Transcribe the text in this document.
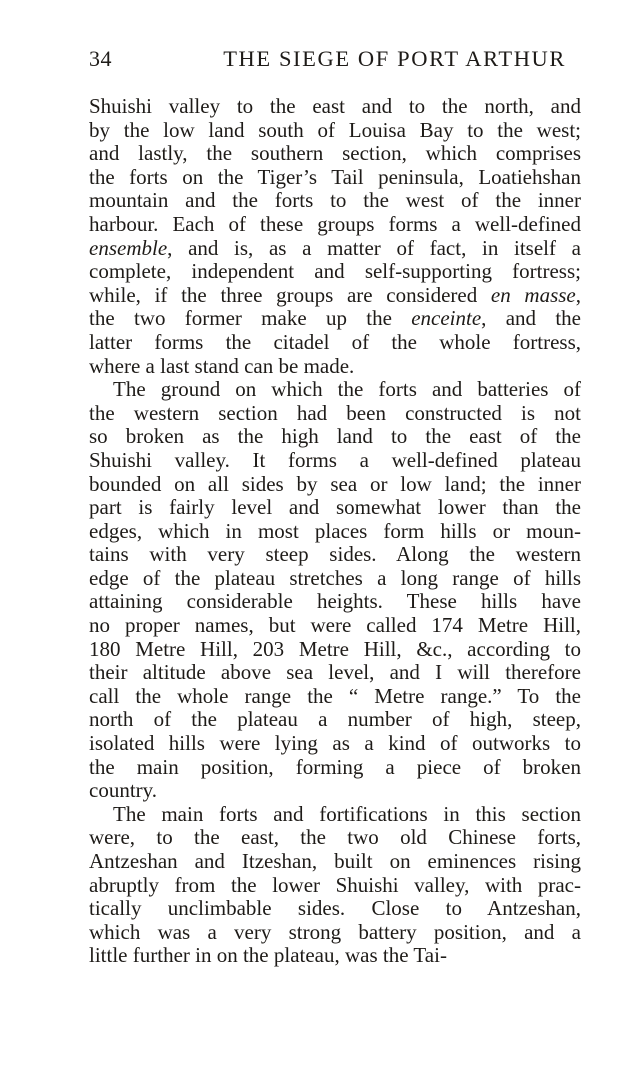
34	THE SIEGE OF PORT ARTHUR
Shuishi valley to the east and to the north, and
by the low land south of Louisa Bay to the west;
and lastly, the southern section, which comprises
the forts on the Tiger’s Tail peninsula, Loatiehshan
mountain and the forts to the west of the inner
harbour. Each of these groups forms a well-defined
ensemble, and is, as a matter of fact, in itself a
complete, independent and self-supporting fortress;
while, if the three groups are considered en masse,
the two former make up the enceinte, and the
latter forms the citadel of the whole fortress,
where a last stand can be made.
The ground on which the forts and batteries of
the western section had been constructed is not
so broken as the high land to the east of the
Shuishi valley. It forms a well-defined plateau
bounded on all sides by sea or low land; the inner
part is fairly level and somewhat lower than the
edges, which in most places form hills or moun-
tains with very steep sides. Along the western
edge of the plateau stretches a long range of hills
attaining considerable heights. These hills have
no proper names, but were called 174 Metre Hill,
180 Metre Hill, 203 Metre Hill, &c., according to
their altitude above sea level, and I will therefore
call the whole range the “ Metre range.” To the
north of the plateau a number of high, steep,
isolated hills were lying as a kind of outworks to
the main position, forming a piece of broken
country.
The main forts and fortifications in this section
were, to the east, the two old Chinese forts,
Antzeshan and Itzeshan, built on eminences rising
abruptly from the lower Shuishi valley, with prac-
tically unclimbable sides. Close to Antzeshan,
which was a very strong battery position, and a
little further in on the plateau, was the Tai-
